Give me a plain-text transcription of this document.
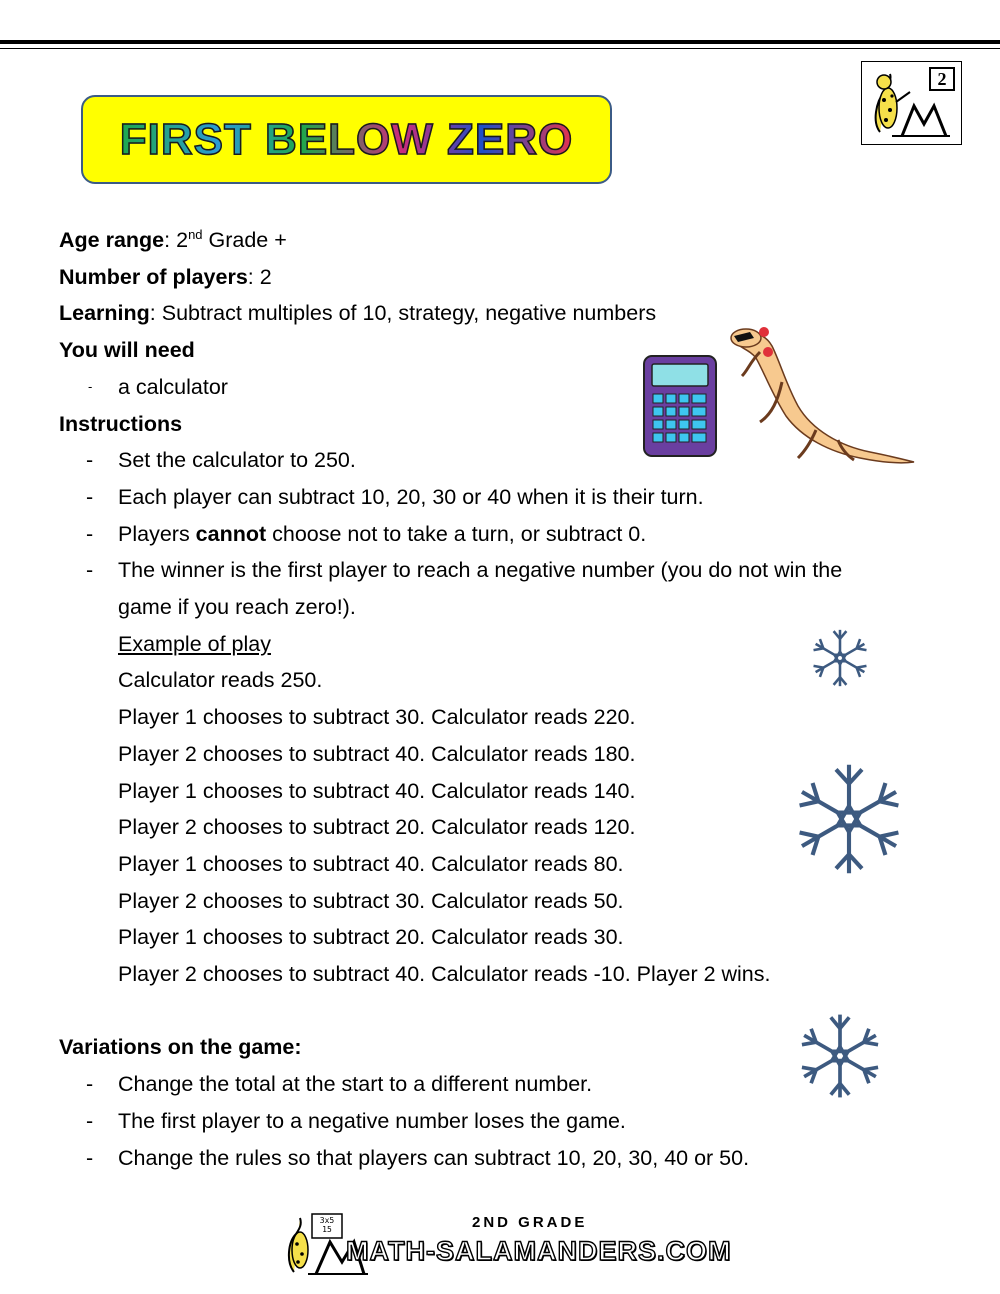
2
FIRST BELOW ZERO

Age range: 2nd Grade +

Number of players: 2

Learning: Subtract multiples of 10, strategy, negative numbers

You will need

- a calculator

Instructions

- Set the calculator to 250.

- Each player can subtract 10, 20, 30 or 40 when it is their turn.

- Players cannot choose not to take a turn, or subtract 0.

- The winner is the first player to reach a negative number (you do not win the

game if you reach zero!).

Example of play

Calculator reads 250.

Player 1 chooses to subtract 30. Calculator reads 220.

Player 2 chooses to subtract 40. Calculator reads 180.

Player 1 chooses to subtract 40. Calculator reads 140.

Player 2 chooses to subtract 20. Calculator reads 120.

Player 1 chooses to subtract 40. Calculator reads 80.

Player 2 chooses to subtract 30. Calculator reads 50.

Player 1 chooses to subtract 20. Calculator reads 30.

Player 2 chooses to subtract 40. Calculator reads -10. Player 2 wins.

Variations on the game:

- Change the total at the start to a different number.

- The first player to a negative number loses the game.

- Change the rules so that players can subtract 10, 20, 30, 40 or 50.

3x5 15	2ND GRADE
MATH-SALAMANDERS.COM
